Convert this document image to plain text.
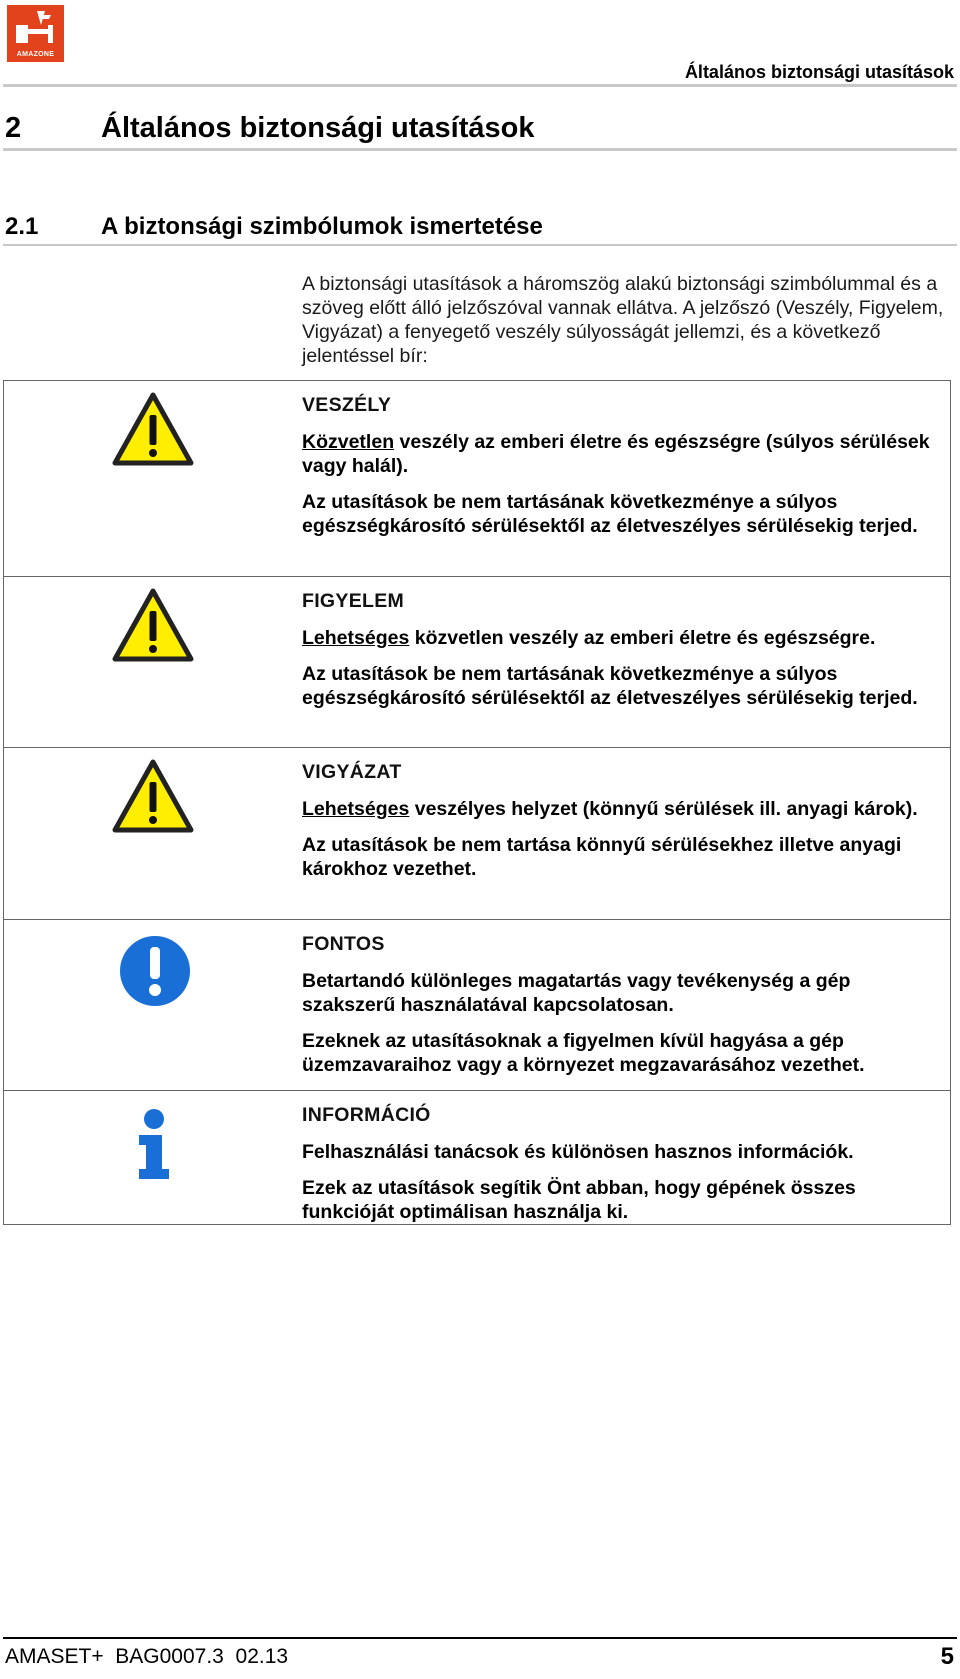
AMAZONE
Általános biztonsági utasítások
2	Általános biztonsági utasítások
2.1	A biztonsági szimbólumok ismertetése

A biztonsági utasítások a háromszög alakú biztonsági szimbólummal és a szöveg előtt álló jelzőszóval vannak ellátva. A jelzőszó (Veszély, Figyelem, Vigyázat) a fenyegető veszély súlyosságát jellemzi, és a következő jelentéssel bír:

VESZÉLY

Közvetlen veszély az emberi életre és egészségre (súlyos sérülések vagy halál).

Az utasítások be nem tartásának következménye a súlyos egészségkárosító sérülésektől az életveszélyes sérülésekig terjed.

FIGYELEM

Lehetséges közvetlen veszély az emberi életre és egészségre.

Az utasítások be nem tartásának következménye a súlyos egészségkárosító sérülésektől az életveszélyes sérülésekig terjed.

VIGYÁZAT

Lehetséges veszélyes helyzet (könnyű sérülések ill. anyagi károk).

Az utasítások be nem tartása könnyű sérülésekhez illetve anyagi károkhoz vezethet.

FONTOS

Betartandó különleges magatartás vagy tevékenység a gép szakszerű használatával kapcsolatosan.

Ezeknek az utasításoknak a figyelmen kívül hagyása a gép üzemzavaraihoz vagy a környezet megzavarásához vezethet.

INFORMÁCIÓ

Felhasználási tanácsok és különösen hasznos információk.

Ezek az utasítások segítik Önt abban, hogy gépének összes funkcióját optimálisan használja ki.

AMASET+  BAG0007.3  02.13	5
